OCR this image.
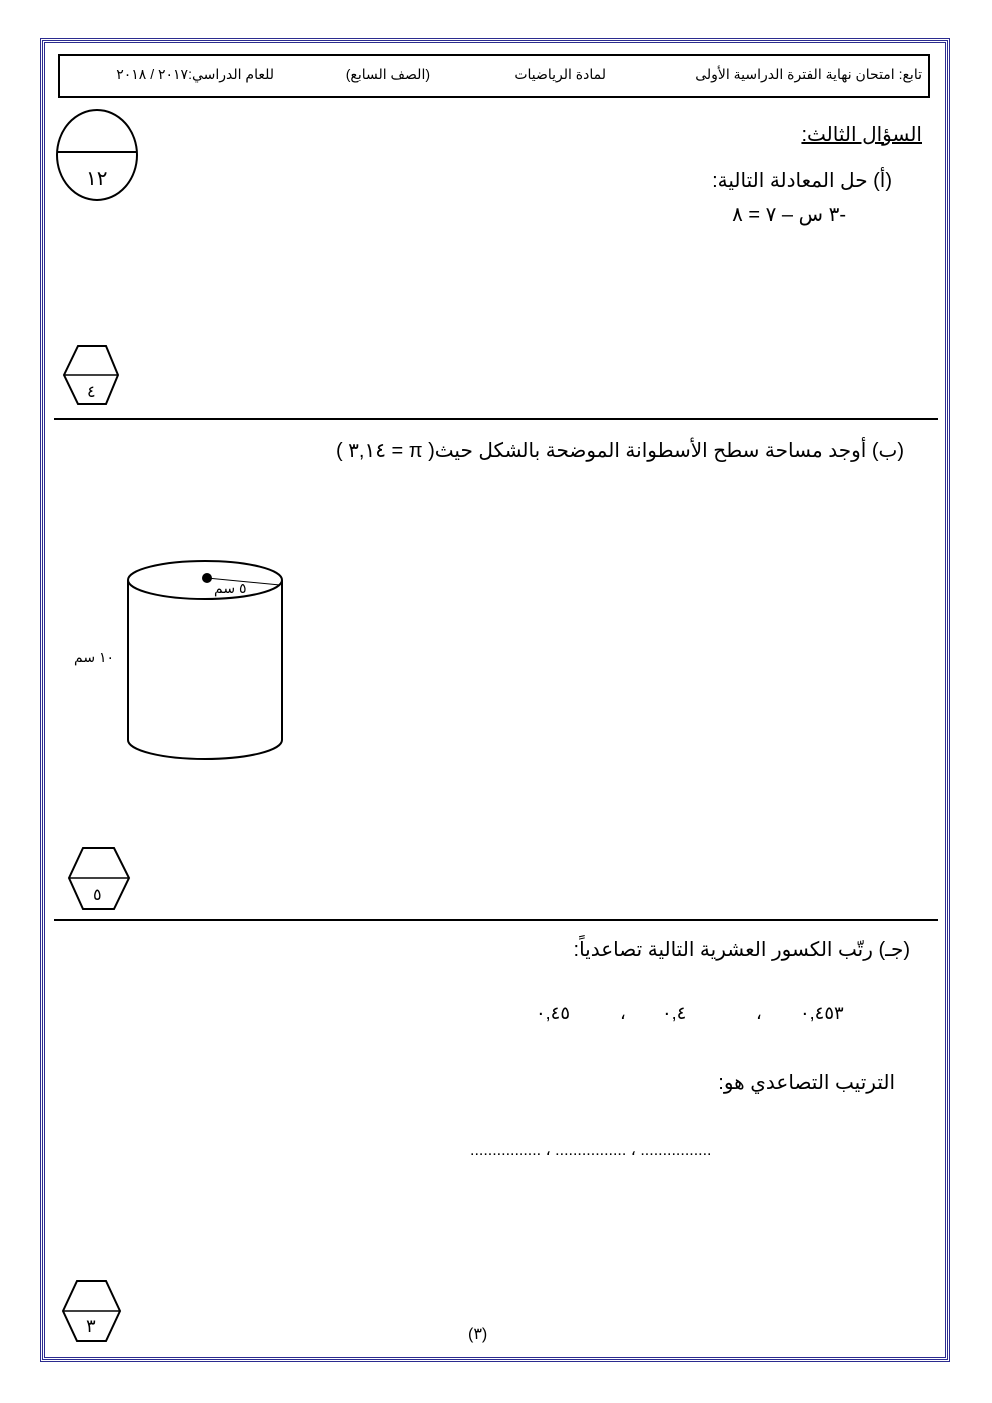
تابع: امتحان نهاية الفترة الدراسية الأولى
لمادة الرياضيات
(الصف السابع)
للعام الدراسي:٢٠١٧ / ٢٠١٨
١٢
٤
٥
٣
السؤال الثالث:
(أ) حل المعادلة التالية:
-٣ س – ٧ = ٨
(ب) أوجد مساحة سطح الأسطوانة الموضحة بالشكل حيث( π = ٣,١٤ )
٥ سم
١٠ سم
(جـ) رتّب الكسور العشرية التالية تصاعدياً:
٠,٤٥٣
،
٠,٤
،
٠,٤٥
الترتيب التصاعدي هو:
................ ، ................ ، ................
(٣)
